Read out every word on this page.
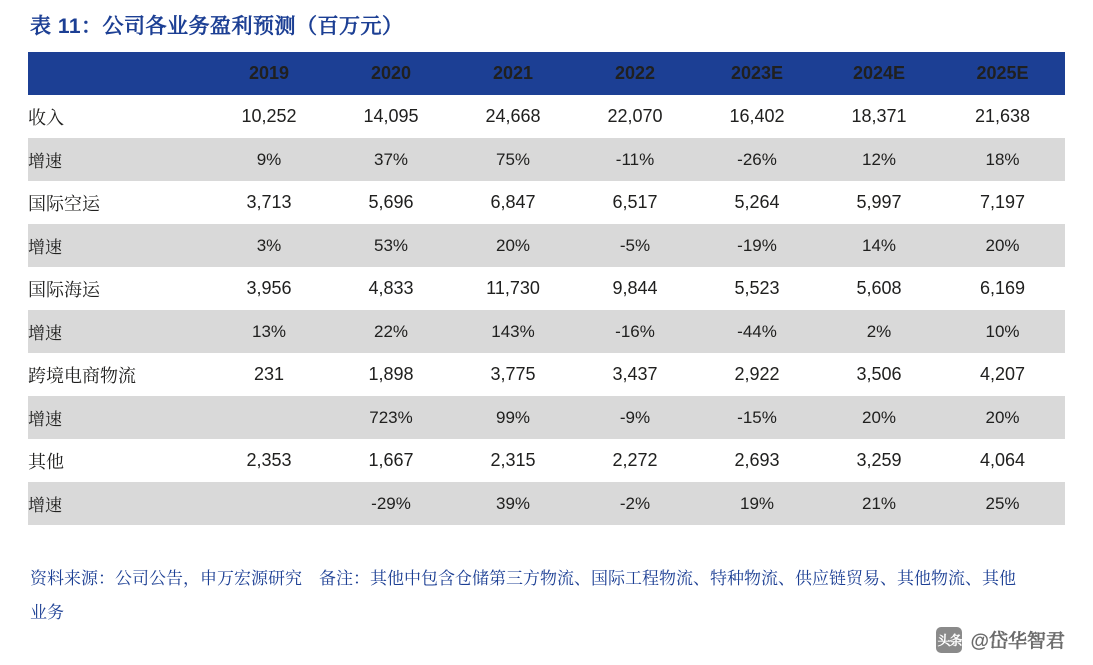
表 11：公司各业务盈利预测（百万元）
	2019	2020	2021	2022	2023E	2024E	2025E
收入	10,252	14,095	24,668	22,070	16,402	18,371	21,638
增速	9%	37%	75%	-11%	-26%	12%	18%
国际空运	3,713	5,696	6,847	6,517	5,264	5,997	7,197
增速	3%	53%	20%	-5%	-19%	14%	20%
国际海运	3,956	4,833	11,730	9,844	5,523	5,608	6,169
增速	13%	22%	143%	-16%	-44%	2%	10%
跨境电商物流	231	1,898	3,775	3,437	2,922	3,506	4,207
增速		723%	99%	-9%	-15%	20%	20%
其他	2,353	1,667	2,315	2,272	2,693	3,259	4,064
增速		-29%	39%	-2%	19%	21%	25%
资料来源：公司公告，申万宏源研究　备注：其他中包含仓储第三方物流、国际工程物流、特种物流、供应链贸易、其他物流、其他业务
头条 @岱华智君
